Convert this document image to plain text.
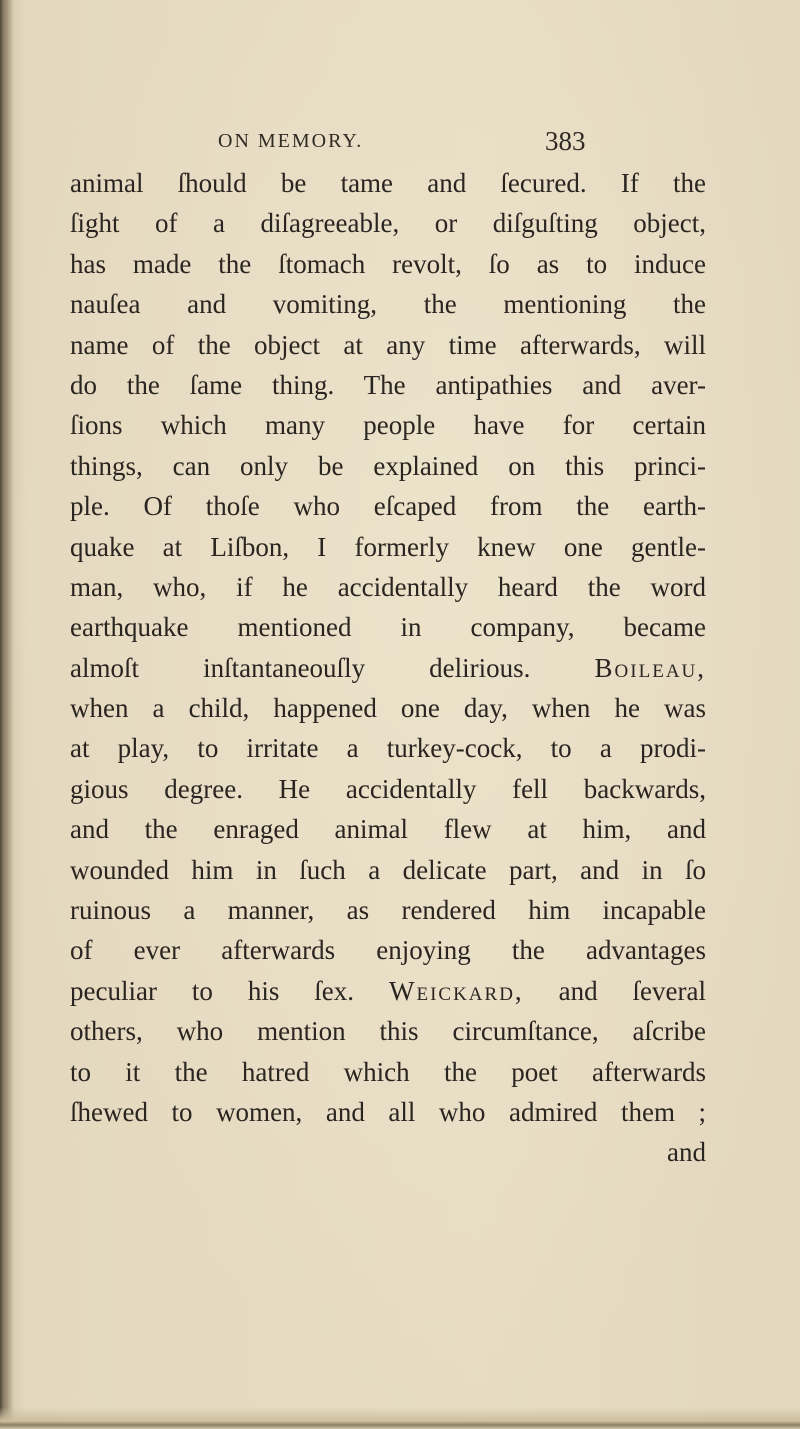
ON MEMORY.	383
animal ſhould be tame and ſecured. If the
ſight of a diſagreeable, or diſguſting object,
has made the ſtomach revolt, ſo as to induce
nauſea and vomiting, the mentioning the
name of the object at any time afterwards, will
do the ſame thing. The antipathies and aver-
ſions which many people have for certain
things, can only be explained on this princi-
ple. Of thoſe who eſcaped from the earth-
quake at Liſbon, I formerly knew one gentle-
man, who, if he accidentally heard the word
earthquake mentioned in company, became
almoſt inſtantaneouſly delirious. Boileau,
when a child, happened one day, when he was
at play, to irritate a turkey-cock, to a prodi-
gious degree. He accidentally fell backwards,
and the enraged animal flew at him, and
wounded him in ſuch a delicate part, and in ſo
ruinous a manner, as rendered him incapable
of ever afterwards enjoying the advantages
peculiar to his ſex. Weickard, and ſeveral
others, who mention this circumſtance, aſcribe
to it the hatred which the poet afterwards
ſhewed to women, and all who admired them ;
and
